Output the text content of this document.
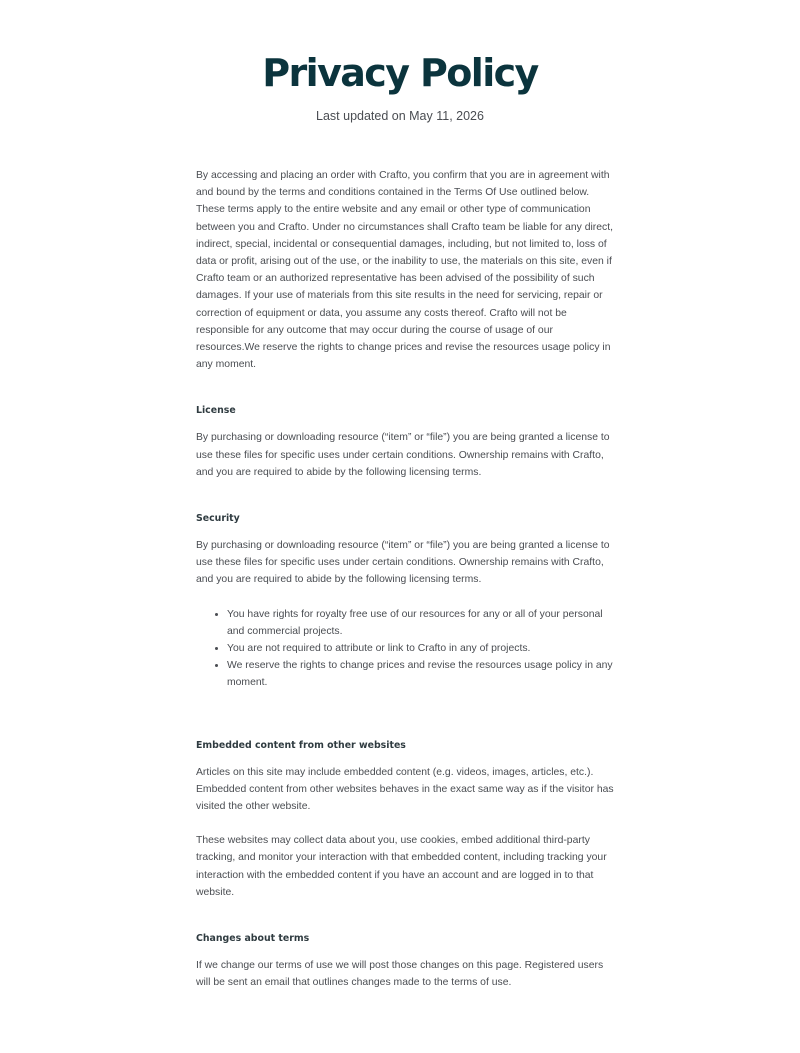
Privacy Policy

Last updated on May 11, 2026

By accessing and placing an order with Crafto, you confirm that you are in agreement with and bound by the terms and conditions contained in the Terms Of Use outlined below. These terms apply to the entire website and any email or other type of communication between you and Crafto. Under no circumstances shall Crafto team be liable for any direct, indirect, special, incidental or consequential damages, including, but not limited to, loss of data or profit, arising out of the use, or the inability to use, the materials on this site, even if Crafto team or an authorized representative has been advised of the possibility of such damages. If your use of materials from this site results in the need for servicing, repair or correction of equipment or data, you assume any costs thereof. Crafto will not be responsible for any outcome that may occur during the course of usage of our resources.We reserve the rights to change prices and revise the resources usage policy in any moment.

License

By purchasing or downloading resource (“item” or “file”) you are being granted a license to use these files for specific uses under certain conditions. Ownership remains with Crafto, and you are required to abide by the following licensing terms.

Security

By purchasing or downloading resource (“item” or “file”) you are being granted a license to use these files for specific uses under certain conditions. Ownership remains with Crafto, and you are required to abide by the following licensing terms.

• You have rights for royalty free use of our resources for any or all of your personal and commercial projects.
• You are not required to attribute or link to Crafto in any of projects.
• We reserve the rights to change prices and revise the resources usage policy in any moment.
Embedded content from other websites

Articles on this site may include embedded content (e.g. videos, images, articles, etc.). Embedded content from other websites behaves in the exact same way as if the visitor has visited the other website.

These websites may collect data about you, use cookies, embed additional third-party tracking, and monitor your interaction with that embedded content, including tracking your interaction with the embedded content if you have an account and are logged in to that website.

Changes about terms

If we change our terms of use we will post those changes on this page. Registered users will be sent an email that outlines changes made to the terms of use.
